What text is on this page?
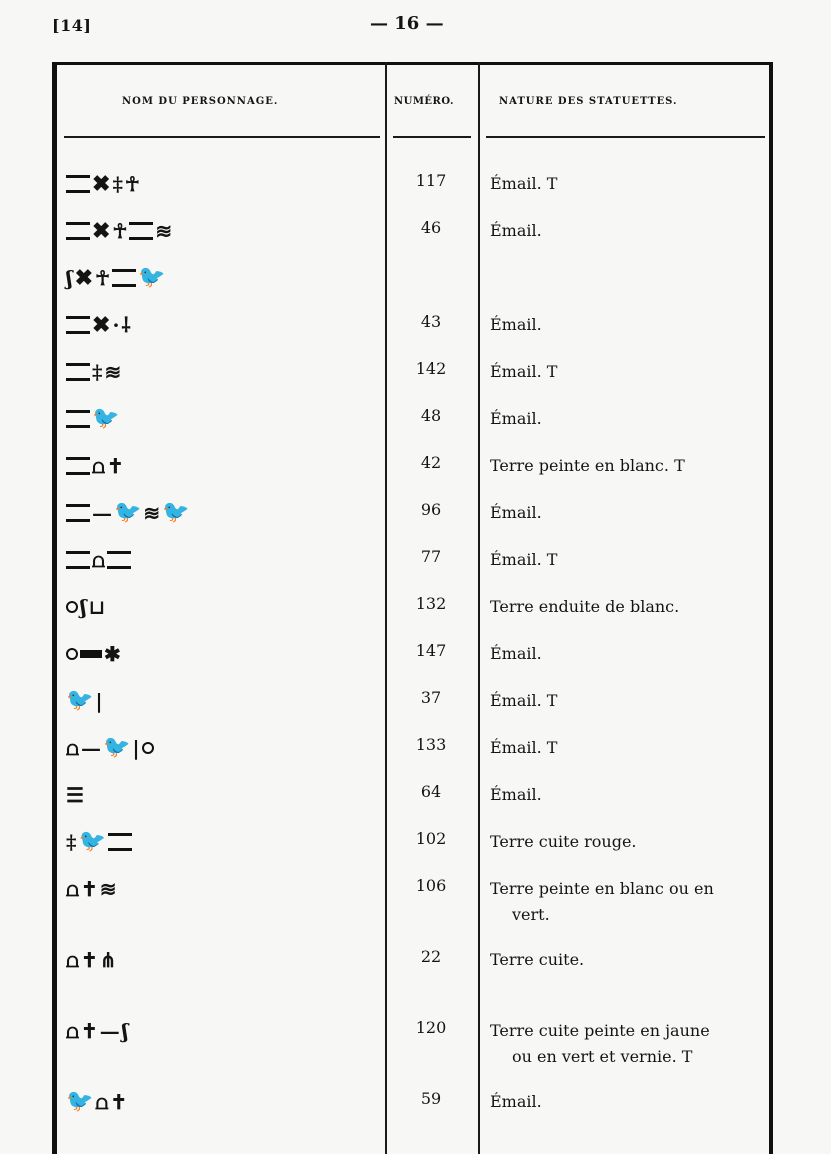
[14]	— 16 —
NOM DU PERSONNAGE.	NUMÉRO.	NATURE DES STATUETTES.
✖ ‡ ☥	117	Émail. T
✖ ☥ ≋	46	Émail.
ʃ ✖ ☥ 🐦
✖ · ⸸	43	Émail.
‡ ≋	142	Émail. T
🐦	48	Émail.
⩍ ✝	42	Terre peinte en blanc. T
— 🐦 ≋ 🐦	96	Émail.
⩍	77	Émail. T
ʃ ⊔	132	Terre enduite de blanc.
✱	147	Émail.
🐦 |	37	Émail. T
⩍ — 🐦 |	133	Émail. T
☰	64	Émail.
‡ 🐦	102	Terre cuite rouge.
⩍ ✝ ≋	106	Terre peinte en blanc ou en
vert.
⩍ ✝ ⋔	22	Terre cuite.
⩍ ✝ — ʃ	120	Terre cuite peinte en jaune
ou en vert et vernie. T
🐦 ⩍ ✝	59	Émail.
